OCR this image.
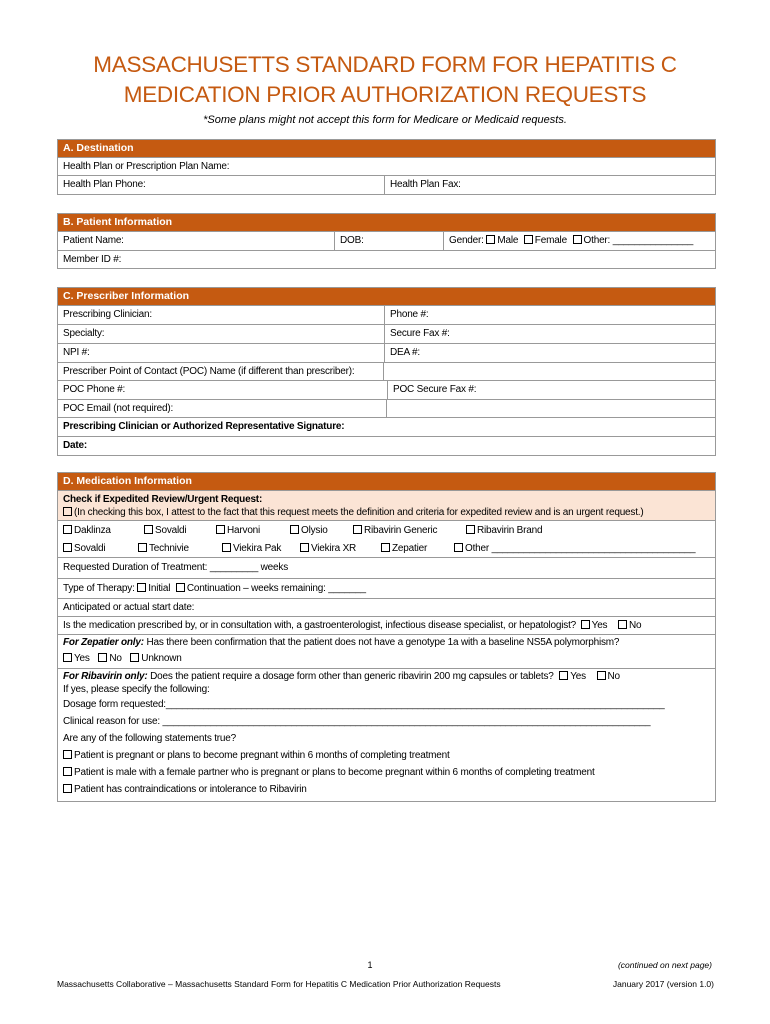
MASSACHUSETTS STANDARD FORM FOR HEPATITIS C
MEDICATION PRIOR AUTHORIZATION REQUESTS
*Some plans might not accept this form for Medicare or Medicaid requests.
A. Destination
Health Plan or Prescription Plan Name:
Health Plan Phone:	Health Plan Fax:
B. Patient Information
Patient Name:	DOB:	Gender: Male Female Other: _______________
Member ID #:
C. Prescriber Information
Prescribing Clinician:	Phone #:
Specialty:	Secure Fax #:
NPI #:	DEA #:
Prescriber Point of Contact (POC) Name (if different than prescriber):
POC Phone #:	POC Secure Fax #:
POC Email (not required):
Prescribing Clinician or Authorized Representative Signature:
Date:
D. Medication Information
Check if Expedited Review/Urgent Request:
(In checking this box, I attest to the fact that this request meets the definition and criteria for expedited review and is an urgent request.)
Daklinza	Sovaldi	Harvoni	Olysio	Ribavirin Generic	Ribavirin Brand
Sovaldi	Technivie	Viekira Pak	Viekira XR	Zepatier	Other ______________________________________
Requested Duration of Treatment: _________ weeks
Type of Therapy: Initial Continuation – weeks remaining: _______
Anticipated or actual start date:
Is the medication prescribed by, or in consultation with, a gastroenterologist, infectious disease specialist, or hepatologist? Yes No
For Zepatier only: Has there been confirmation that the patient does not have a genotype 1a with a baseline NS5A polymorphism?
Yes No Unknown
For Ribavirin only: Does the patient require a dosage form other than generic ribavirin 200 mg capsules or tablets? Yes No
If yes, please specify the following:
Dosage form requested:_____________________________________________________________________________________________
Clinical reason for use: ___________________________________________________________________________________________
Are any of the following statements true?
Patient is pregnant or plans to become pregnant within 6 months of completing treatment
Patient is male with a female partner who is pregnant or plans to become pregnant within 6 months of completing treatment
Patient has contraindications or intolerance to Ribavirin
1	(continued on next page)
Massachusetts Collaborative – Massachusetts Standard Form for Hepatitis C Medication Prior Authorization Requests	January 2017 (version 1.0)
